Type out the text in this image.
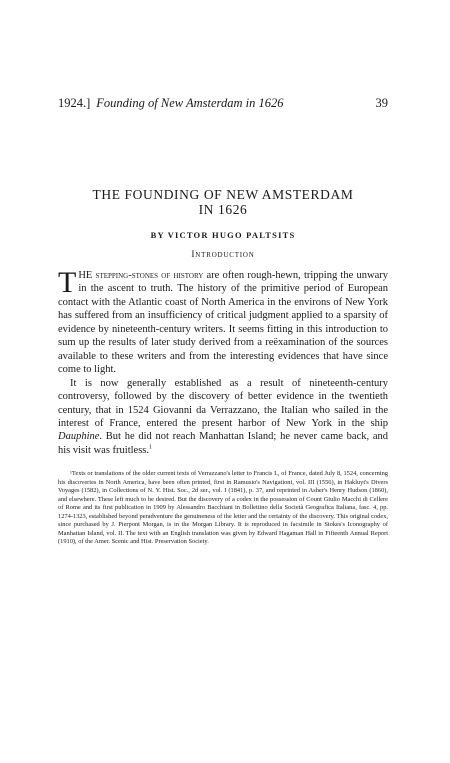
1924.] Founding of New Amsterdam in 1626	39
THE FOUNDING OF NEW AMSTERDAM
IN 1626
BY VICTOR HUGO PALTSITS
Introduction

THE stepping-stones of history are often rough-hewn, tripping the unwary in the ascent to truth. The history of the primitive period of European contact with the Atlantic coast of North America in the environs of New York has suffered from an insufficiency of critical judgment applied to a sparsity of evidence by nineteenth-century writers. It seems fitting in this introduction to sum up the results of later study derived from a reëxamination of the sources available to these writers and from the interesting evidences that have since come to light.

It is now generally established as a result of nineteenth-century controversy, followed by the discovery of better evidence in the twentieth century, that in 1524 Giovanni da Verrazzano, the Italian who sailed in the interest of France, entered the present harbor of New York in the ship Dauphine. But he did not reach Manhattan Island; he never came back, and his visit was fruitless.$^1$

¹Texts or translations of the older current texts of Verrazzano's letter to Francis I., of France, dated July 8, 1524, concerning his discoveries in North America, have been often printed, first in Ramusio's Navigationi, vol. III (1556), in Hakluyt's Divers Voyages (1582), in Collections of N. Y. Hist. Soc., 2d ser., vol. I (1841), p. 37, and reprinted in Asher's Henry Hudson (1860), and elsewhere. These left much to be desired. But the discovery of a codex in the possession of Count Giulio Macchi di Cellere of Rome and its first publication in 1909 by Alessandro Bacchiani in Bollettino della Società Geografica Italiana, fasc. 4, pp. 1274-1323, established beyond peradventure the genuineness of the letter and the certainty of the discovery. This original codex, since purchased by J. Pierpont Morgan, is in the Morgan Library. It is reproduced in facsimile in Stokes's Iconography of Manhattan Island, vol. II. The text with an English translation was given by Edward Hagaman Hall in Fifteenth Annual Report (1910), of the Amer. Scenic and Hist. Preservation Society.
